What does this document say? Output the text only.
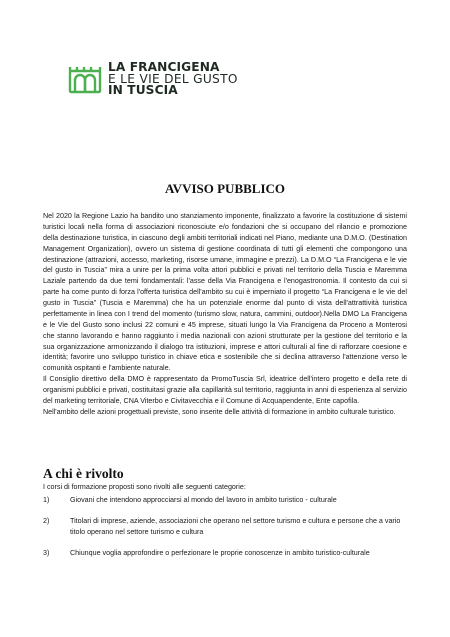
LA FRANCIGENA
E LE VIE DEL GUSTO
IN TUSCIA
AVVISO PUBBLICO

Nel 2020 la Regione Lazio ha bandito uno stanziamento imponente, finalizzato a favorire la costituzione di sistemi turistici locali nella forma di associazioni riconosciute e/o fondazioni che si occupano del rilancio e promozione della destinazione turistica, in ciascuno degli ambiti territoriali indicati nel Piano, mediante una D.M.O. (Destination Management Organization), ovvero un sistema di gestione coordinata di tutti gli elementi che compongono una destinazione (attrazioni, accesso, marketing, risorse umane, immagine e prezzi). La D.M.O “La Francigena e le vie del gusto in Tuscia” mira a unire per la prima volta attori pubblici e privati nel territorio della Tuscia e Maremma Laziale partendo da due temi fondamentali: l'asse della Via Francigena e l'enogastronomia. Il contesto da cui si parte ha come punto di forza l'offerta turistica dell'ambito su cui è imperniato il progetto “La Francigena e le vie del gusto in Tuscia” (Tuscia e Maremma) che ha un potenziale enorme dal punto di vista dell'attrattività turistica perfettamente in linea con I trend del momento (turismo slow, natura, cammini, outdoor).Nella DMO La Francigena e le Vie del Gusto sono inclusi 22 comuni e 45 imprese, situati lungo la Via Francigena da Proceno a Monterosi che stanno lavorando e hanno raggiunto i media nazionali con azioni strutturate per la gestione del territorio e la sua organizzazione armonizzando il dialogo tra istituzioni, imprese e attori culturali al fine di rafforzare coesione e identità; favorire uno sviluppo turistico in chiave etica e sostenibile che si declina attraverso l'attenzione verso le comunità ospitanti e l'ambiente naturale.

Il Consiglio direttivo della DMO è rappresentato da PromoTuscia Srl, ideatrice dell'intero progetto e della rete di organismi pubblici e privati, costituitasi grazie alla capillarità sul territorio, raggiunta in anni di esperienza al servizio del marketing territoriale, CNA Viterbo e Civitavecchia e il Comune di Acquapendente, Ente capofila.

Nell'ambito delle azioni progettuali previste, sono inserite delle attività di formazione in ambito culturale turistico.

A chi è rivolto
I corsi di formazione proposti sono rivolti alle seguenti categorie:
1)	Giovani che intendono approcciarsi al mondo del lavoro in ambito turistico - culturale
2)	Titolari di imprese, aziende, associazioni che operano nel settore turismo e cultura e persone che a vario titolo operano nel settore turismo e cultura
3)	Chiunque voglia approfondire o perfezionare le proprie conoscenze in ambito turistico-culturale
